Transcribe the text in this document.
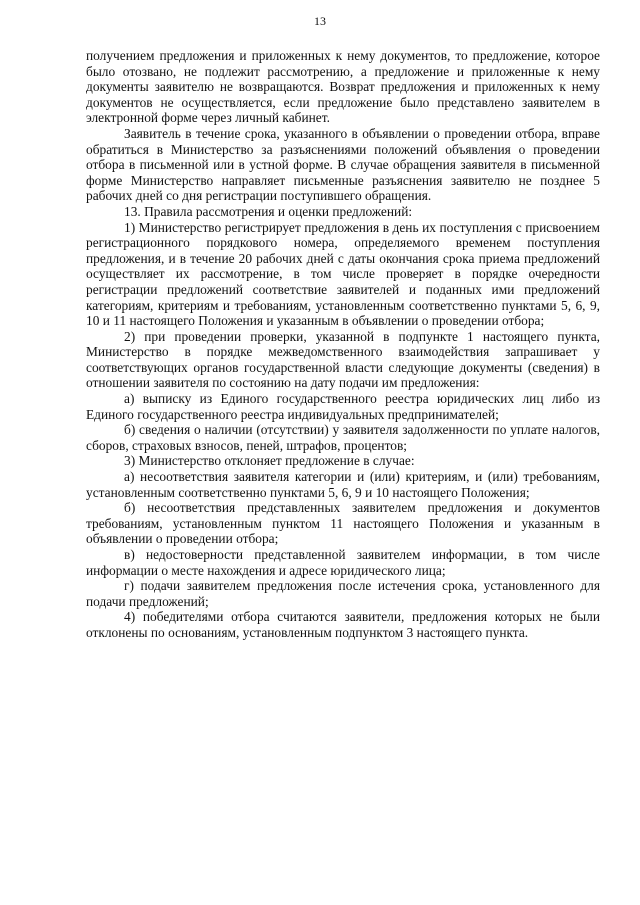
13

получением предложения и приложенных к нему документов, то предложение, которое было отозвано, не подлежит рассмотрению, а предложение и приложенные к нему документы заявителю не возвращаются. Возврат предложения и приложенных к нему документов не осуществляется, если предложение было представлено заявителем в электронной форме через личный кабинет.

Заявитель в течение срока, указанного в объявлении о проведении отбора, вправе обратиться в Министерство за разъяснениями положений объявления о проведении отбора в письменной или в устной форме. В случае обращения заявителя в письменной форме Министерство направляет письменные разъяснения заявителю не позднее 5 рабочих дней со дня регистрации поступившего обращения.

13. Правила рассмотрения и оценки предложений:

1) Министерство регистрирует предложения в день их поступления с присвоением регистрационного порядкового номера, определяемого временем поступления предложения, и в течение 20 рабочих дней с даты окончания срока приема предложений осуществляет их рассмотрение, в том числе проверяет в порядке очередности регистрации предложений соответствие заявителей и поданных ими предложений категориям, критериям и требованиям, установленным соответственно пунктами 5, 6, 9, 10 и 11 настоящего Положения и указанным в объявлении о проведении отбора;

2) при проведении проверки, указанной в подпункте 1 настоящего пункта, Министерство в порядке межведомственного взаимодействия запрашивает у соответствующих органов государственной власти следующие документы (сведения) в отношении заявителя по состоянию на дату подачи им предложения:

а) выписку из Единого государственного реестра юридических лиц либо из Единого государственного реестра индивидуальных предпринимателей;

б) сведения о наличии (отсутствии) у заявителя задолженности по уплате налогов, сборов, страховых взносов, пеней, штрафов, процентов;

3) Министерство отклоняет предложение в случае:

а) несоответствия заявителя категории и (или) критериям, и (или) требованиям, установленным соответственно пунктами 5, 6, 9 и 10 настоящего Положения;

б) несоответствия представленных заявителем предложения и документов требованиям, установленным пунктом 11 настоящего Положения и указанным в объявлении о проведении отбора;

в) недостоверности представленной заявителем информации, в том числе информации о месте нахождения и адресе юридического лица;

г) подачи заявителем предложения после истечения срока, установленного для подачи предложений;

4) победителями отбора считаются заявители, предложения которых не были отклонены по основаниям, установленным подпунктом 3 настоящего пункта.
